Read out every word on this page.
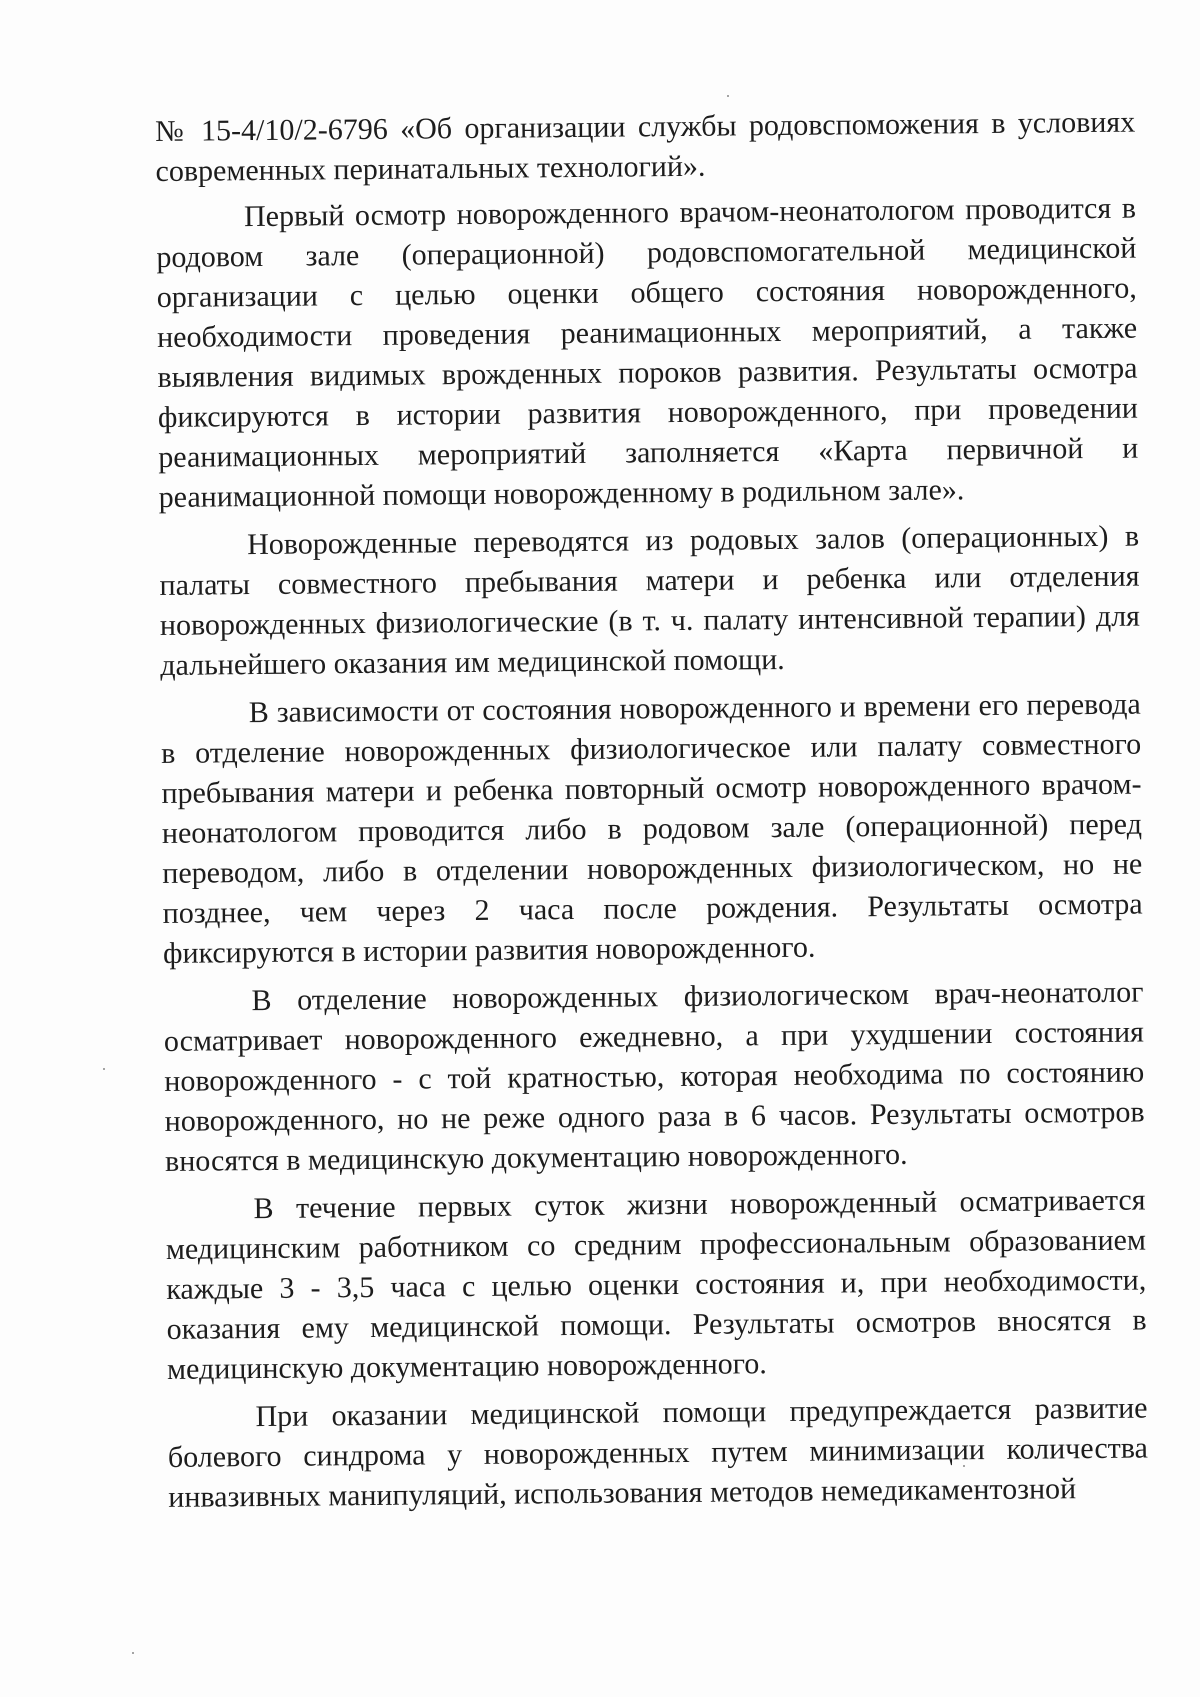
№ 15-4/10/2-6796 «Об организации службы родовспоможения в условиях современных перинатальных технологий».

Первый осмотр новорожденного врачом-неонатологом проводится в родовом зале (операционной) родовспомогательной медицинской организации с целью оценки общего состояния новорожденного, необходимости проведения реанимационных мероприятий, а также выявления видимых врожденных пороков развития. Результаты осмотра фиксируются в истории развития новорожденного, при проведении реанимационных мероприятий заполняется «Карта первичной и реанимационной помощи новорожденному в родильном зале».

Новорожденные переводятся из родовых залов (операционных) в палаты совместного пребывания матери и ребенка или отделения новорожденных физиологические (в т. ч. палату интенсивной терапии) для дальнейшего оказания им медицинской помощи.

В зависимости от состояния новорожденного и времени его перевода в отделение новорожденных физиологическое или палату совместного пребывания матери и ребенка повторный осмотр новорожденного врачом-неонатологом проводится либо в родовом зале (операционной) перед переводом, либо в отделении новорожденных физиологическом, но не позднее, чем через 2 часа после рождения. Результаты осмотра фиксируются в истории развития новорожденного.

В отделение новорожденных физиологическом врач-неонатолог осматривает новорожденного ежедневно, а при ухудшении состояния новорожденного - с той кратностью, которая необходима по состоянию новорожденного, но не реже одного раза в 6 часов. Результаты осмотров вносятся в медицинскую документацию новорожденного.

В течение первых суток жизни новорожденный осматривается медицинским работником со средним профессиональным образованием каждые 3 - 3,5 часа с целью оценки состояния и, при необходимости, оказания ему медицинской помощи. Результаты осмотров вносятся в медицинскую документацию новорожденного.

При оказании медицинской помощи предупреждается развитие болевого синдрома у новорожденных путем минимизации количества инвазивных манипуляций, использования методов немедикаментозной
